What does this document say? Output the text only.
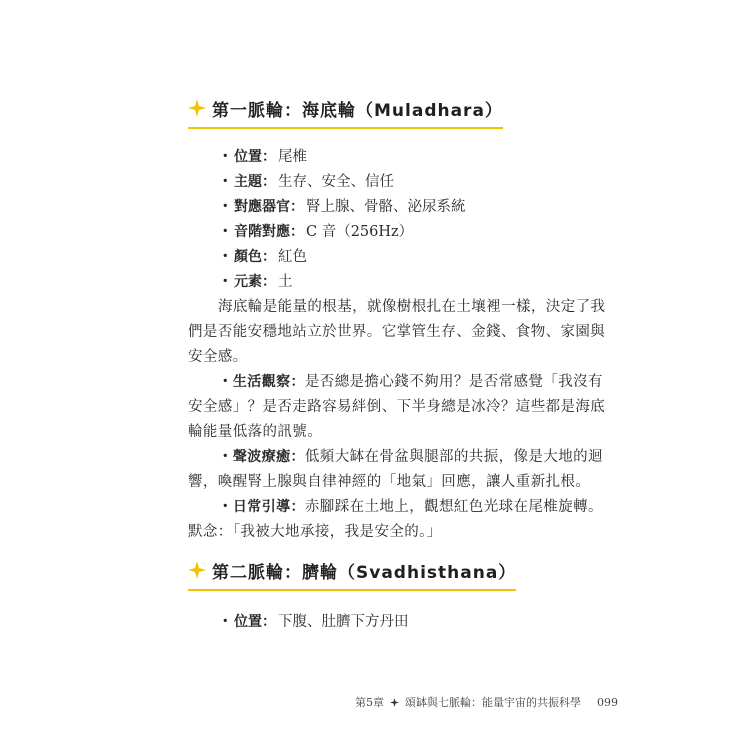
第一脈輪：海底輪（Muladhara）
・ 位置： 尾椎
・ 主題： 生存、安全、信任
・ 對應器官： 腎上腺、骨骼、泌尿系統
・ 音階對應： C 音（256Hz）
・ 顏色： 紅色
・ 元素： 土
海底輪是能量的根基，就像樹根扎在土壤裡一樣，決定了我
們是否能安穩地站立於世界。它掌管生存、金錢、食物、家園與
安全感。
・生活觀察：是否總是擔心錢不夠用？是否常感覺「我沒有
安全感」？是否走路容易絆倒、下半身總是冰冷？這些都是海底
輪能量低落的訊號。
・聲波療癒：低頻大缽在骨盆與腿部的共振，像是大地的迴
響，喚醒腎上腺與自律神經的「地氣」回應，讓人重新扎根。
・日常引導：赤腳踩在土地上，觀想紅色光球在尾椎旋轉。
默念：「我被大地承接，我是安全的。」
第二脈輪：臍輪（Svadhisthana）
・ 位置： 下腹、肚臍下方丹田
第5章 頌缽與七脈輪：能量宇宙的共振科學 099
